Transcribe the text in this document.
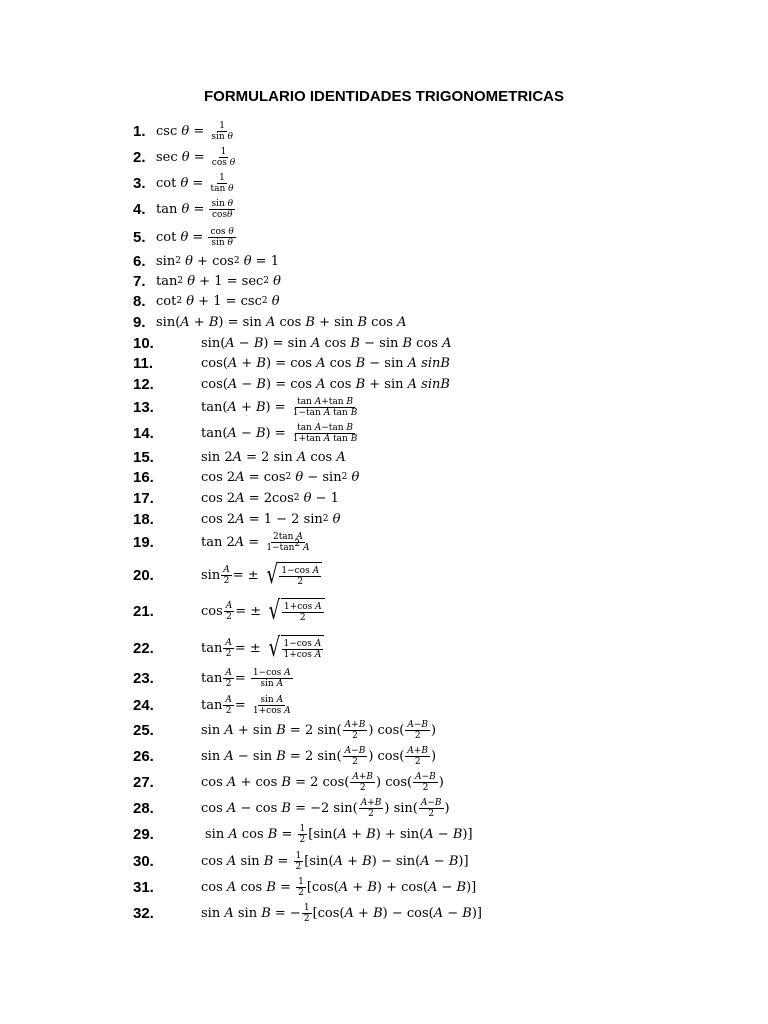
FORMULARIO IDENTIDADES TRIGONOMETRICAS
1. $\csc \theta = \frac{1}{\text{sin θ}}$
2. $\sec \theta = \frac{1}{\text{cos θ}}$
3. $\cot \theta = \frac{1}{\text{tan θ}}$
4. $\tan \theta = \frac{\text{sin θ}}{\cos\theta}$
5. $\cot \theta = \frac{\text{cos θ}}{\text{sin θ}}$
6. sin 2
θ + cos 2
θ = 1
7. tan 2
θ + 1 = sec 2
θ
8. cot 2
θ + 1 = csc 2
θ
9. sin( A + B ) = sin A cos B + sin B cos A
10.	sin( A − B ) = sin A cos B − sin B cos A
11.	cos( A + B ) = cos A cos B − sin A
sinB
12.	cos( A − B ) = cos A cos B + sin A
sinB
13.	tan( A + B ) = $\frac{\text{tan A+tan B}}{\text{1−tan A tan B}}$
14.	tan( A − B ) = $\frac{\text{tan A−tan B}}{\text{1+tan A tan B}}$
15.	sin 2 A = 2 sin A cos A
16.	cos 2 A = cos 2
θ − sin 2
θ
17.	cos 2 A = 2cos 2
θ − 1
18.	cos 2 A = 1 − 2 sin 2
θ
19.	tan 2 $A = \frac{\text{2tan A}}{1-\tan^2 A}$
20.	$\sin \frac{A}{2}$ = ± √ $\frac{\text{1−cos A}}{2}$
21.	$\cos \frac{A}{2}$ = ± √ $\frac{\text{1+cos A}}{2}$
22.	$\tan \frac{A}{2}$ = ± √ $\frac{\text{1−cos A}}{\text{1+cos A}}$
23.	$\tan \frac{A}{2} = \frac{\text{1−cos A}}{\text{sin A}}$
24.	$\tan \frac{A}{2} = \frac{\text{sin A}}{\text{1+cos A}}$
25.	sin A + sin B = 2 $\sin( \frac{A+B}{2}$ ) $\cos( \frac{A-B}{2}$ )
26.	sin A − sin B = 2 $\sin( \frac{A-B}{2}$ ) $\cos( \frac{A+B}{2}$ )
27.	cos A + cos B = 2 $\cos( \frac{A+B}{2}$ ) $\cos( \frac{A-B}{2}$ )
28.	cos A − cos B = −2 $\sin( \frac{A+B}{2}$ ) $\sin( \frac{A-B}{2}$ )
29.	sin A $\cos B = \frac{1}{2} [\sin$( A + B ) + sin( A − B )]
30.	cos A $\sin B = \frac{1}{2} [\sin$( A + B ) − sin( A − B )]
31.	cos A $\cos B = \frac{1}{2} [\cos$( A + B ) + cos( A − B )]
32.	sin A sin B = − $\frac{1}{2} [\cos$( A + B ) − cos( A − B )]
